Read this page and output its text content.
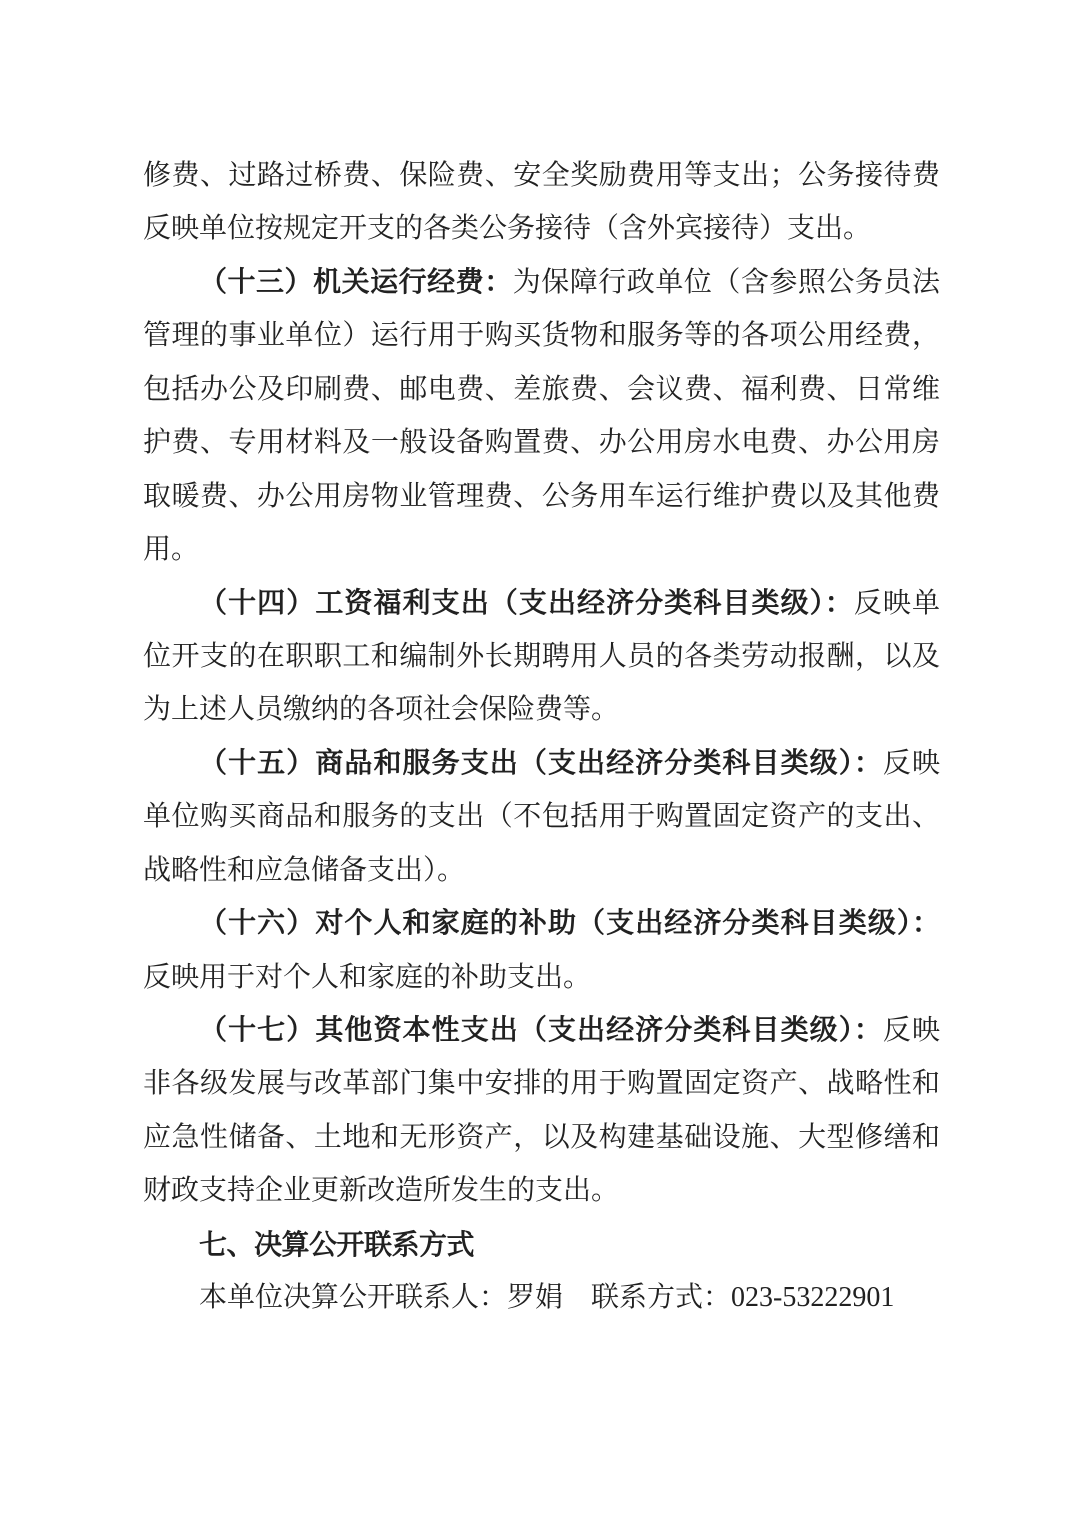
修费、过路过桥费、保险费、安全奖励费用等支出；公务接待费
反映单位按规定开支的各类公务接待（含外宾接待）支出。
（十三）机关运行经费：为保障行政单位（含参照公务员法
管理的事业单位）运行用于购买货物和服务等的各项公用经费，
包括办公及印刷费、邮电费、差旅费、会议费、福利费、日常维
护费、专用材料及一般设备购置费、办公用房水电费、办公用房
取暖费、办公用房物业管理费、公务用车运行维护费以及其他费
用。
（十四）工资福利支出（支出经济分类科目类级）：反映单
位开支的在职职工和编制外长期聘用人员的各类劳动报酬，以及
为上述人员缴纳的各项社会保险费等。
（十五）商品和服务支出（支出经济分类科目类级）：反映
单位购买商品和服务的支出（不包括用于购置固定资产的支出、
战略性和应急储备支出）。
（十六）对个人和家庭的补助（支出经济分类科目类级）：
反映用于对个人和家庭的补助支出。
（十七）其他资本性支出（支出经济分类科目类级）：反映
非各级发展与改革部门集中安排的用于购置固定资产、战略性和
应急性储备、土地和无形资产，以及构建基础设施、大型修缮和
财政支持企业更新改造所发生的支出。
七、决算公开联系方式
本单位决算公开联系人：罗娟　联系方式：023-53222901
